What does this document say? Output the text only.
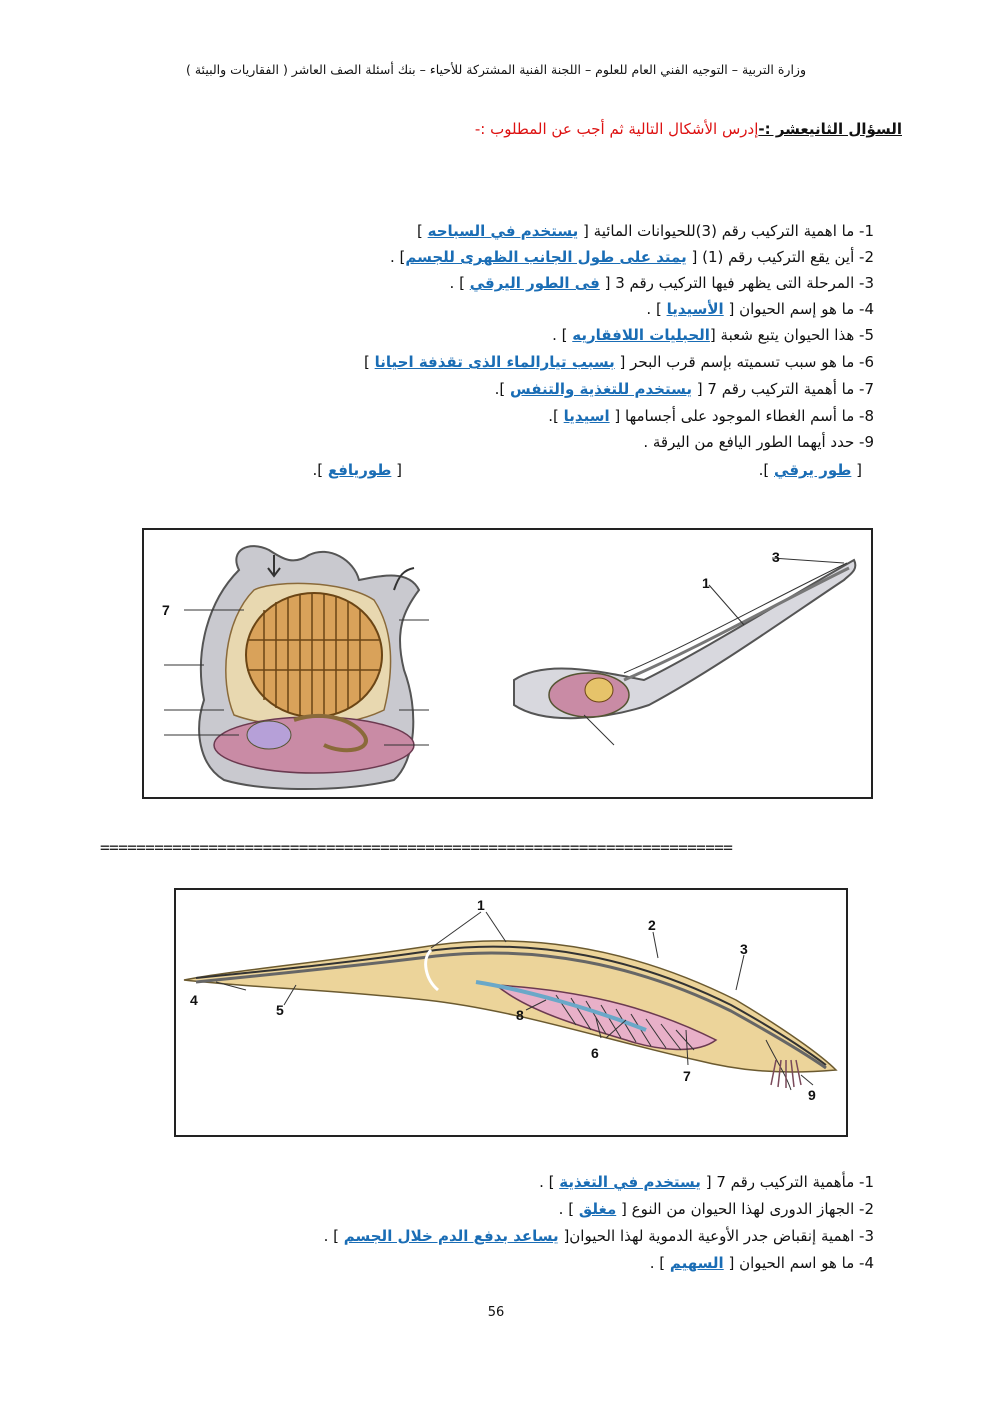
وزارة التربية – التوجيه الفني العام للعلوم – اللجنة الفنية المشتركة للأحياء – بنك أسئلة الصف العاشر ( الفقاريات والبيئة )
السؤال الثانيعشر :-إدرس الأشكال التالية ثم أجب عن المطلوب :-
1- ما اهمية التركيب رقم (3)للحيوانات المائية [ يستخدم في السباحه ]
2- أين يقع التركيب رقم (1) [ يمتد على طول الجانب الظهرى للجسم] .
3- المرحلة التى يظهر فيها التركيب رقم 3 [ فى الطور اليرقي ] .
4- ما هو إسم الحيوان [ الأسيديا ] .
5- هذا الحيوان يتبع شعبة [الحبليات اللافقاريه ] .
6- ما هو سبب تسميته بإسم قرب البحر [ بسبب تيارالماء الذى تقذفة احيانا ]
7- ما أهمية التركيب رقم 7 [ يستخدم للتغذية والتنفس ].
8- ما أسم الغطاء الموجود على أجسامها [ اسيديا ].
9- حدد أيهما الطور اليافع من اليرقة .
[ طور يرقي ].
[ طوريافع ].
7
3
1
======================================================================
1
2
3
4
5
6
7
8
9
1- مأهمية التركيب رقم 7 [ يستخدم في التغذية ] .
2- الجهاز الدورى لهذا الحيوان من النوع [ مغلق ] .
3- اهمية إنقباض جدر الأوعية الدموية لهذا الحيوان[ يساعد بدفع الدم خلال الجسم ] .
4- ما هو اسم الحيوان [ السهيم ] .
56
